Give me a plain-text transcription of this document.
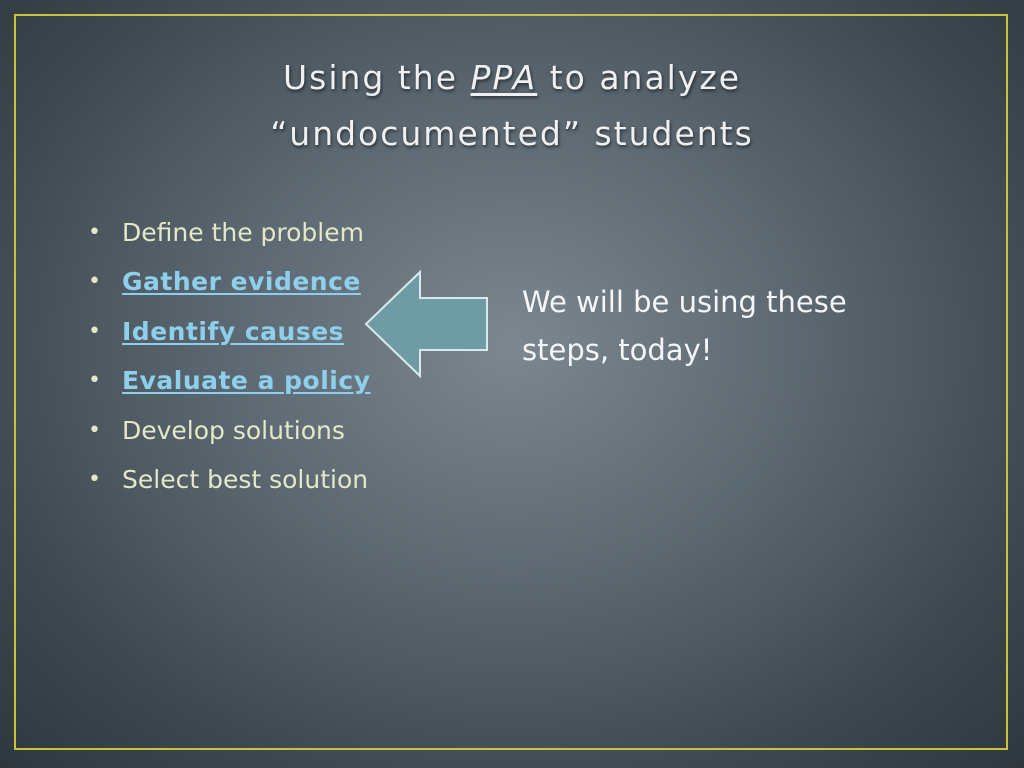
Using the PPA to analyze
“undocumented” students
• Define the problem
• Gather evidence
• Identify causes
• Evaluate a policy
• Develop solutions
• Select best solution
We will be using these steps, today!
